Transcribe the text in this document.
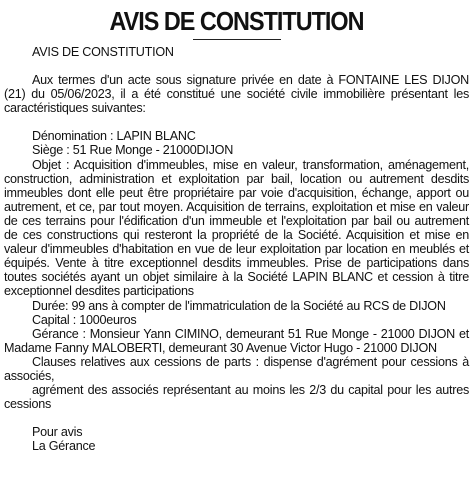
AVIS DE CONSTITUTION

AVIS DE CONSTITUTION

Aux termes d'un acte sous signature privée en date à FONTAINE LES DIJON (21) du 05/06/2023, il a été constitué une société civile immobilière présentant les caractéristiques suivantes:

Dénomination : LAPIN BLANC

Siège : 51 Rue Monge - 21000DIJON

Objet : Acquisition d'immeubles, mise en valeur, transformation, aménagement, construction, administration et exploitation par bail, location ou autrement desdits immeubles dont elle peut être propriétaire par voie d'acquisition, échange, apport ou autrement, et ce, par tout moyen. Acquisition de terrains, exploitation et mise en valeur de ces terrains pour l'édification d'un immeuble et l'exploitation par bail ou autrement de ces constructions qui resteront la propriété de la Société. Acquisition et mise en valeur d'immeubles d'habitation en vue de leur exploitation par location en meublés et équipés. Vente à titre exceptionnel desdits immeubles. Prise de participations dans toutes sociétés ayant un objet similaire à la Société LAPIN BLANC et cession à titre exceptionnel desdites participations

Durée: 99 ans à compter de l'immatriculation de la Société au RCS de DIJON

Capital : 1000euros

Gérance : Monsieur Yann CIMINO, demeurant 51 Rue Monge - 21000 DIJON et Madame Fanny MALOBERTI, demeurant 30 Avenue Victor Hugo - 21000 DIJON

Clauses relatives aux cessions de parts : dispense d'agrément pour cessions à associés,

agrément des associés représentant au moins les 2/3 du capital pour les autres cessions

Pour avis

La Gérance
